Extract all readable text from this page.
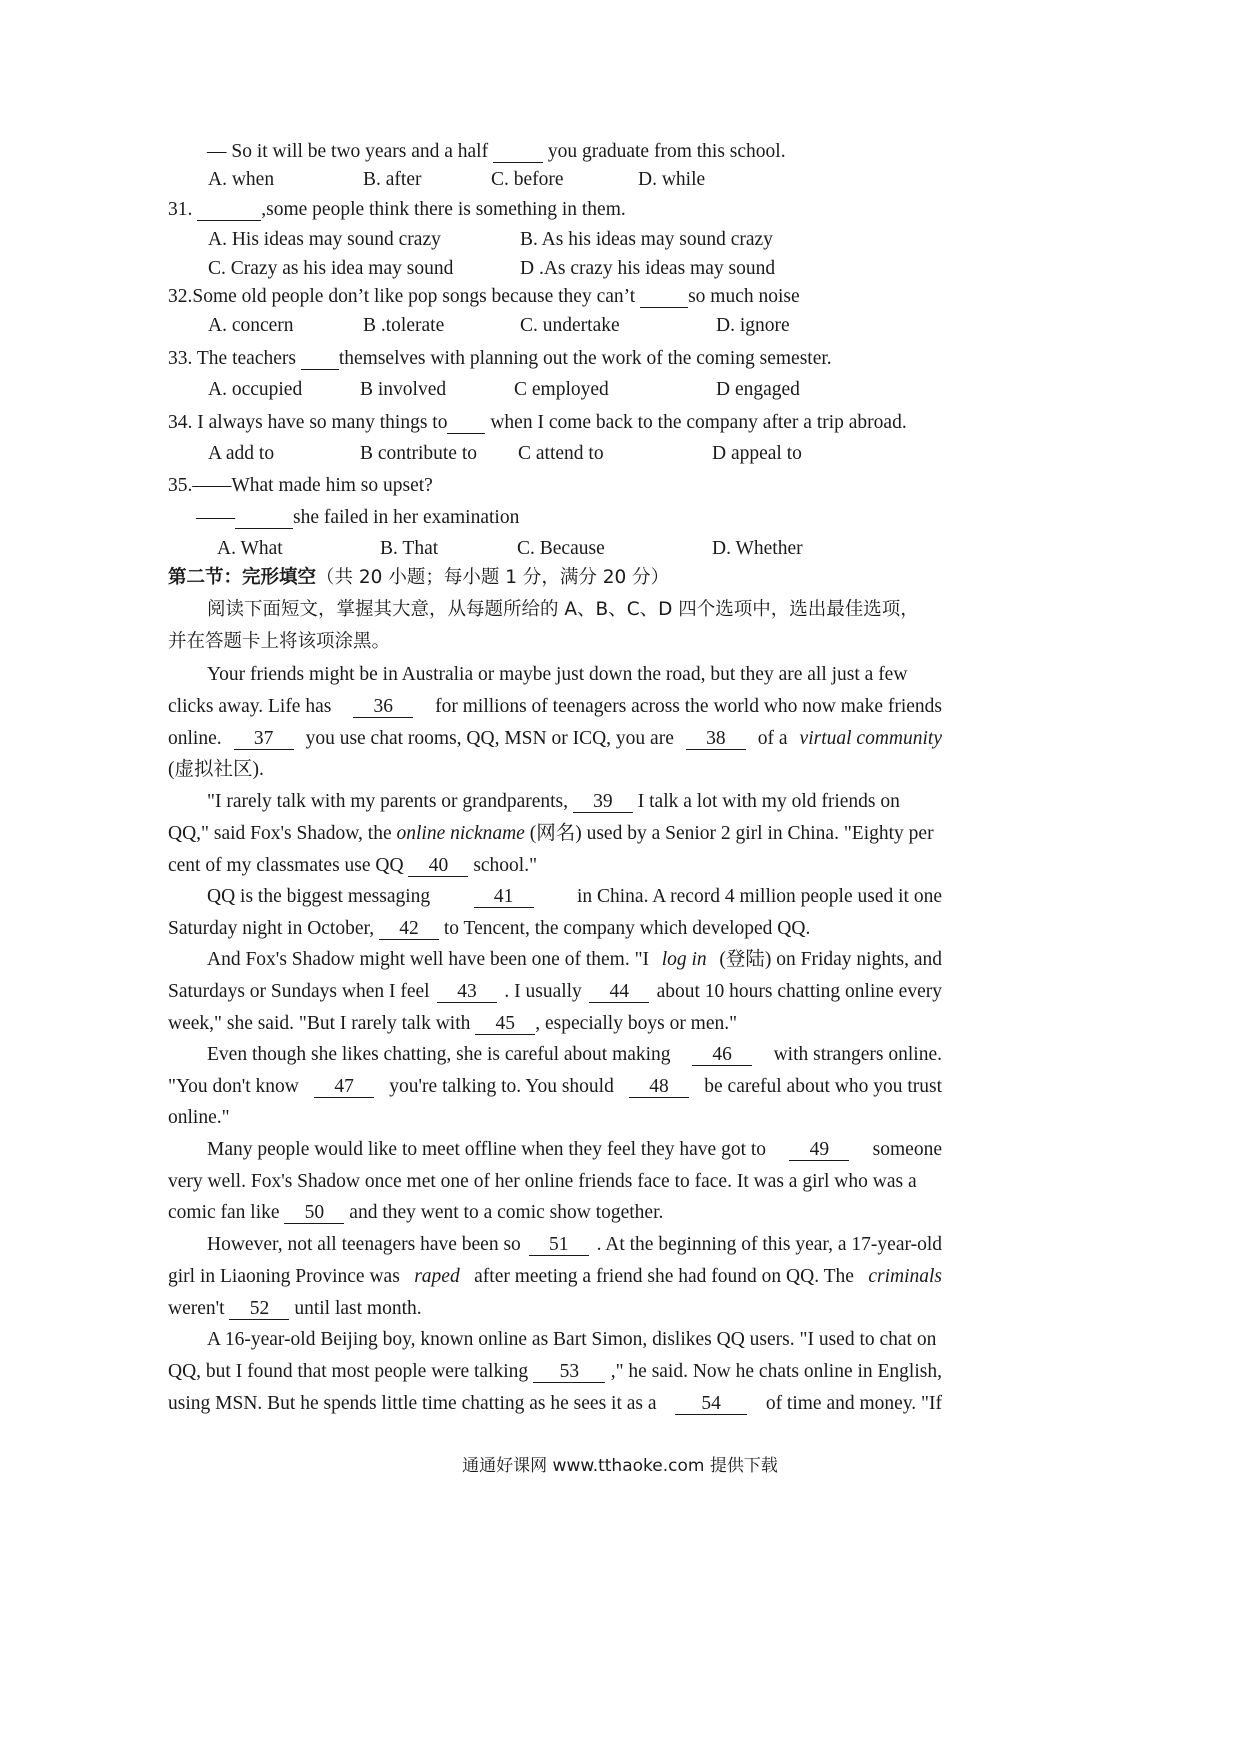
— So it will be two years and a half	you graduate from this school.
A. when	B. after	C. before	D. while
31.	,some people think there is something in them.
A. His ideas may sound crazy	B. As his ideas may sound crazy
C. Crazy as his idea may sound	D .As crazy his ideas may sound
32.Some old people don’t like pop songs because they can’t	so much noise
A. concern	B .tolerate	C. undertake	D. ignore
33. The teachers themselves with planning out the work of the coming semester.
A. occupied	B involved	C employed	D engaged
34. I always have so many things to when I come back to the company after a trip abroad.
A add to	B contribute to C attend to	D appeal to
35.——What made him so upset?
——	she failed in her examination
A. What	B. That	C. Because	D. Whether
第二节：完形填空（共 20 小题；每小题 1 分，满分 20 分）
阅读下面短文，掌握其大意，从每题所给的 A、B、C、D 四个选项中，选出最佳选项，
并在答题卡上将该项涂黑。
Your friends might be in Australia or maybe just down the road, but they are all just a few
clicks away. Life has	36	for millions of teenagers across the world who now make friends
online.	37	you use chat rooms, QQ, MSN or ICQ, you are	38	of a virtual community
(虚拟社区).
"I rarely talk with my parents or grandparents, 39 I talk a lot with my old friends on
QQ," said Fox's Shadow, the online nickname (网名) used by a Senior 2 girl in China. "Eighty per
cent of my classmates use QQ 40 school."
QQ is the biggest messaging	41	in China. A record 4 million people used it one
Saturday night in October, 42 to Tencent, the company which developed QQ.
And Fox's Shadow might well have been one of them. "I log in (登陆) on Friday nights, and
Saturdays or Sundays when I feel	43	. I usually	44	about 10 hours chatting online every
week," she said. "But I rarely talk with 45 , especially boys or men."
Even though she likes chatting, she is careful about making	46	with strangers online.
"You don't know	47	you're talking to. You should	48	be careful about who you trust
online."
Many people would like to meet offline when they feel they have got to	49	someone
very well. Fox's Shadow once met one of her online friends face to face. It was a girl who was a
comic fan like 50 and they went to a comic show together.
However, not all teenagers have been so	51	. At the beginning of this year, a 17-year-old
girl in Liaoning Province was raped after meeting a friend she had found on QQ. The criminals
weren't 52 until last month.
A 16-year-old Beijing boy, known online as Bart Simon, dislikes QQ users. "I used to chat on
QQ, but I found that most people were talking	53	," he said. Now he chats online in English,
using MSN. But he spends little time chatting as he sees it as a	54	of time and money. "If
通通好课网 www.tthaoke.com 提供下载
